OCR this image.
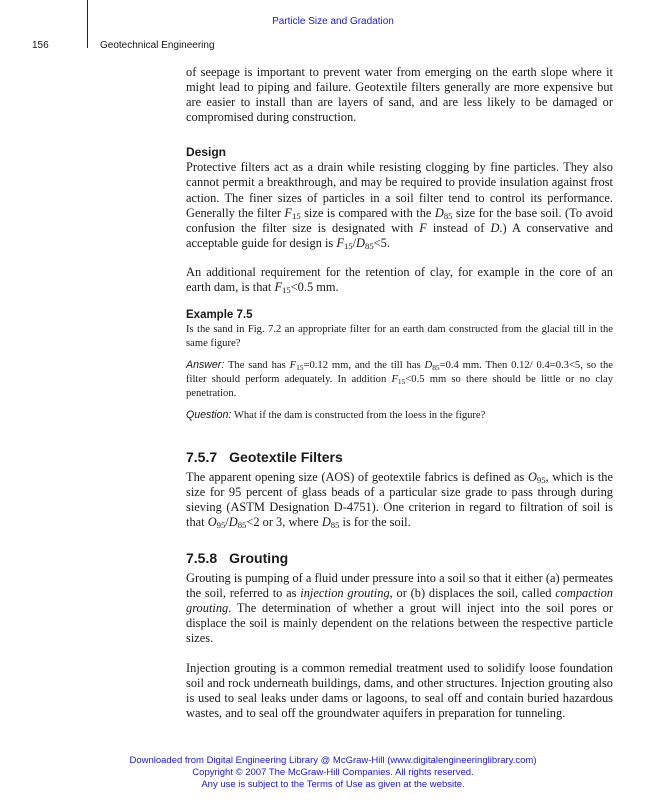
Particle Size and Gradation
156	Geotechnical Engineering

of seepage is important to prevent water from emerging on the earth slope where it might lead to piping and failure. Geotextile filters generally are more expensive but are easier to install than are layers of sand, and are less likely to be damaged or compromised during construction.

Design

Protective filters act as a drain while resisting clogging by fine particles. They also cannot permit a breakthrough, and may be required to provide insulation against frost action. The finer sizes of particles in a soil filter tend to control its performance. Generally the filter $F_{15}$ size is compared with the $D_{85}$ size for the base soil. (To avoid confusion the filter size is designated with F instead of D.) A conservative and acceptable guide for design is $F_{15}/D_{85}<5$.

An additional requirement for the retention of clay, for example in the core of an earth dam, is that $F_{15}<0.5$ mm.

Example 7.5

Is the sand in Fig. 7.2 an appropriate filter for an earth dam constructed from the glacial till in the same figure?

Answer: The sand has $F_{15}=0.12$ mm, and the till has $D_{85}=0.4$ mm. Then 0.12/ 0.4=0.3<5, so the filter should perform adequately. In addition $F_{15}<0.5$ mm so there should be little or no clay penetration.

Question: What if the dam is constructed from the loess in the figure?

7.5.7 Geotextile Filters

The apparent opening size (AOS) of geotextile fabrics is defined as $O_{95}$, which is the size for 95 percent of glass beads of a particular size grade to pass through during sieving (ASTM Designation D-4751). One criterion in regard to filtration of soil is that $O_{95}/D_{85}<2$ or 3, where $D_{85}$ is for the soil.

7.5.8 Grouting

Grouting is pumping of a fluid under pressure into a soil so that it either (a) permeates the soil, referred to as injection grouting, or (b) displaces the soil, called compaction grouting. The determination of whether a grout will inject into the soil pores or displace the soil is mainly dependent on the relations between the respective particle sizes.

Injection grouting is a common remedial treatment used to solidify loose foundation soil and rock underneath buildings, dams, and other structures. Injection grouting also is used to seal leaks under dams or lagoons, to seal off and contain buried hazardous wastes, and to seal off the groundwater aquifers in preparation for tunneling.

Downloaded from Digital Engineering Library @ McGraw-Hill (www.digitalengineeringlibrary.com)
Copyright © 2007 The McGraw-Hill Companies. All rights reserved.
Any use is subject to the Terms of Use as given at the website.
